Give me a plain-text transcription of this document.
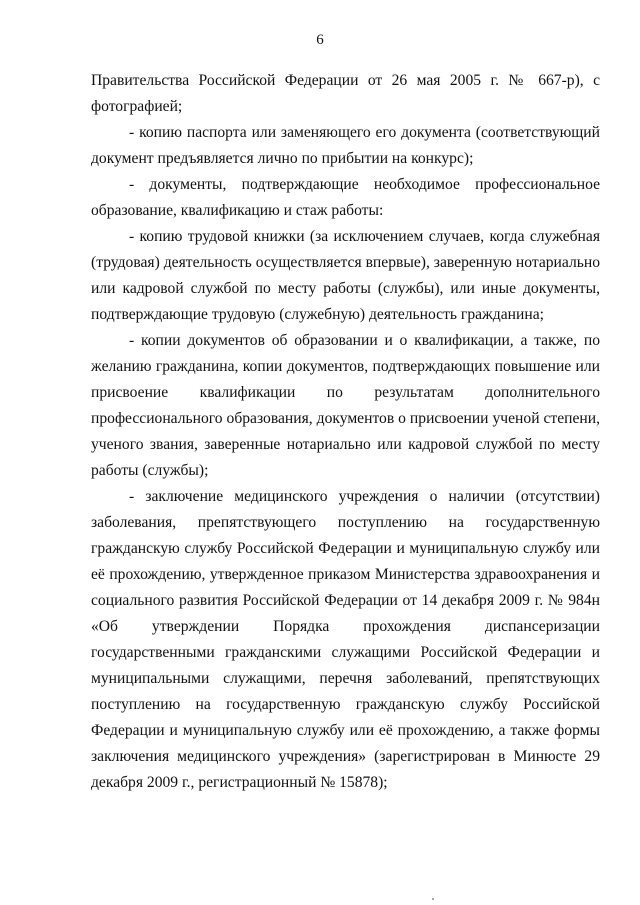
6

Правительства Российской Федерации от 26 мая 2005 г. № 667-р), с фотографией;

- копию паспорта или заменяющего его документа (соответствующий документ предъявляется лично по прибытии на конкурс);

- документы, подтверждающие необходимое профессиональное образование, квалификацию и стаж работы:

- копию трудовой книжки (за исключением случаев, когда служебная (трудовая) деятельность осуществляется впервые), заверенную нотариально или кадровой службой по месту работы (службы), или иные документы, подтверждающие трудовую (служебную) деятельность гражданина;

- копии документов об образовании и о квалификации, а также, по желанию гражданина, копии документов, подтверждающих повышение или присвоение квалификации по результатам дополнительного профессионального образования, документов о присвоении ученой степени, ученого звания, заверенные нотариально или кадровой службой по месту работы (службы);

- заключение медицинского учреждения о наличии (отсутствии) заболевания, препятствующего поступлению на государственную гражданскую службу Российской Федерации и муниципальную службу или её прохождению, утвержденное приказом Министерства здравоохранения и социального развития Российской Федерации от 14 декабря 2009 г. № 984н «Об утверждении Порядка прохождения диспансеризации государственными гражданскими служащими Российской Федерации и муниципальными служащими, перечня заболеваний, препятствующих поступлению на государственную гражданскую службу Российской Федерации и муниципальную службу или её прохождению, а также формы заключения медицинского учреждения» (зарегистрирован в Минюсте 29 декабря 2009 г., регистрационный № 15878);
